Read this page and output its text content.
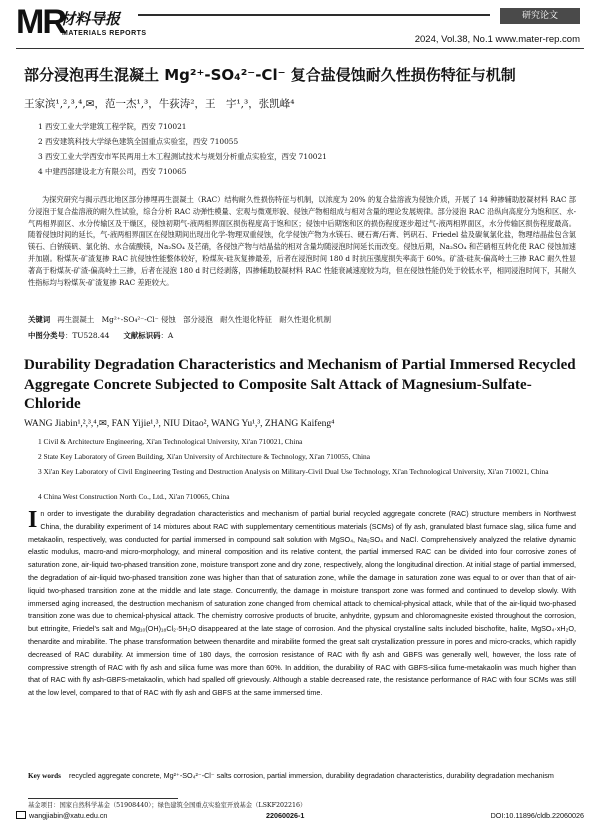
MR
材料导报
MATERIALS REPORTS
研究论文
2024, Vol.38, No.1 www.mater-rep.com
部分浸泡再生混凝土 Mg²⁺-SO₄²⁻-Cl⁻ 复合盐侵蚀耐久性损伤特征与机制
王家滨¹,²,³,⁴,✉，范一杰¹,³，牛荻涛²，王　宇¹,³，张凯峰⁴
1 西安工业大学建筑工程学院，西安 710021
2 西安建筑科技大学绿色建筑全国重点实验室，西安 710055
3 西安工业大学西安市军民两用土木工程测试技术与规划分析重点实验室，西安 710021
4 中建西部建设北方有限公司，西安 710065

为探究研究与揭示西北地区部分掺埋再生混凝土（RAC）结构耐久性损伤特征与机制，以浓度为 20% 的复合盐溶液为侵蚀介质，开展了 14 种掺辅助胶凝材料 RAC 部分浸泡于复合盐溶液的耐久性试验，综合分析 RAC 动弹性模量、宏观与微观形貌、侵蚀产物相组成与相对含量的理论发展规律。部分浸泡 RAC 沿纵向高度分为饱和区、水-气两相界面区、水分传输区及干燥区，侵蚀初期气-液两相界面区损伤程度高于饱和区；侵蚀中后期饱和区的损伤程度逐步超过气-液两相界面区，水分传输区损伤程度最高。随着侵蚀时间的延长，气-液两相界面区在侵蚀期间出现出化学-物理双重侵蚀，化学侵蚀产物为水镁石、硬石膏/石膏、钙矾石、Friedel 盐及碳氧氯化盐，物理结晶盐包含氯镁石、白钠镁矾、氯化钠、水合硫酸镁，Na₂SO₄ 及芒硝，各侵蚀产物与结晶盐的相对含量均随浸泡时间延长而改变。侵蚀后期，Na₂SO₄ 和芒硝相互转化使 RAC 侵蚀加速并加剧。粉煤灰-矿渣复掺 RAC 抗侵蚀性能整体较好，粉煤灰-硅灰复掺最差，后者在浸泡时间 180 d 时抗压强度损失率高于 60%。矿渣-硅灰-偏高岭土三掺 RAC 耐久性显著高于粉煤灰-矿渣-偏高岭土三掺，后者在浸泡 180 d 时已经剥落，四掺辅助胶凝材料 RAC 性能衰减速度较为均，但在侵蚀性能仍处于较低水平，相同浸泡时间下，其耐久性指标均与粉煤灰-矿渣复掺 RAC 差距较大。

关键词 再生混凝土　Mg²⁺-SO₄²⁻-Cl⁻ 侵蚀　部分浸泡　耐久性退化特征　耐久性退化机制
中图分类号：TU528.44 文献标识码：A
Durability Degradation Characteristics and Mechanism of Partial Immersed Recycled Aggregate Concrete Subjected to Composite Salt Attack of Magnesium-Sulfate-Chloride
WANG Jiabin¹,²,³,⁴,✉, FAN Yijie¹,³, NIU Ditao², WANG Yu¹,³, ZHANG Kaifeng⁴
1 Civil & Architecture Engineering, Xi'an Technological University, Xi'an 710021, China
2 State Key Laboratory of Green Building, Xi'an University of Architecture & Technology, Xi'an 710055, China
3 Xi'an Key Laboratory of Civil Engineering Testing and Destruction Analysis on Military-Civil Dual Use Technology, Xi'an Technological University, Xi'an 710021, China
4 China West Construction North Co., Ltd., Xi'an 710065, China

In order to investigate the durability degradation characteristics and mechanism of partial burial recycled aggregate concrete (RAC) structure members in Northwest China, the durability experiment of 14 mixtures about RAC with supplementary cementitious materials (SCMs) of fly ash, granulated blast furnace slag, silica fume and metakaolin, respectively, was conducted for partial immersed in compound salt solution with MgSO₄, Na₂SO₄ and NaCl. Comprehensively analyzed the relative dynamic elastic modulus, macro-and micro-morphology, and mineral composition and its relative content, the partial immersed RAC can be divided into four corrosive zones of saturation zone, air-liquid two-phased transition zone, moisture transport zone and dry zone, respectively, along the longitudinal direction. At initial stage of partial immersed, the degradation of air-liquid two-phased transition zone was higher than that of saturation zone, while the damage in saturation zone was equal to or over than that of air-liquid two-phased transition zone at the middle and late stage. Concurrently, the damage in moisture transport zone was formed and continued to develop slowly. With immersed aging increased, the destruction mechanism of saturation zone changed from chemical attack to chemical-physical attack, while that of the air-liquid two-phased transition zone was due to chemical-physical attack. The chemistry corrosive products of brucite, anhydrite, gypsum and chloromagnesite existed throughout the corrosion, but ettringite, Friedel's salt and Mg₁₀(OH)₁₈Cl₂·5H₂O disappeared at the late stage of corrosion. And the physical crystalline salts included bischofite, halite, MgSO₄·xH₂O, thenardite and mirabilite. The phase transformation between thenardite and mirabilite formed the great salt crystallization pressure in pores and micro-cracks, which rapidly decreased of RAC durability. At immersion time of 180 days, the corrosion resistance of RAC with fly ash and GBFS was generally well, however, the loss rate of compressive strength of RAC with fly ash and silica fume was more than 60%. In addition, the durability of RAC with GBFS-silica fume-metakaolin was much higher than that of RAC with fly ash-GBFS-metakaolin, which had spalled off grievously. Although a stable decreased rate, the resistance performance of RAC with four SCMs was still at the low level, compared to that of RAC with fly ash and GBFS at the same immersed time.

Key words recycled aggregate concrete, Mg²⁺-SO₄²⁻-Cl⁻ salts corrosion, partial immersion, durability degradation characteristics, durability degradation mechanism
基金项目：国家自然科学基金（51908440）；绿色建筑全国重点实验室开放基金（LSKF202216）
wangjiabin@xatu.edu.cn	22060026-1	DOI:10.11896/cldb.22060026
